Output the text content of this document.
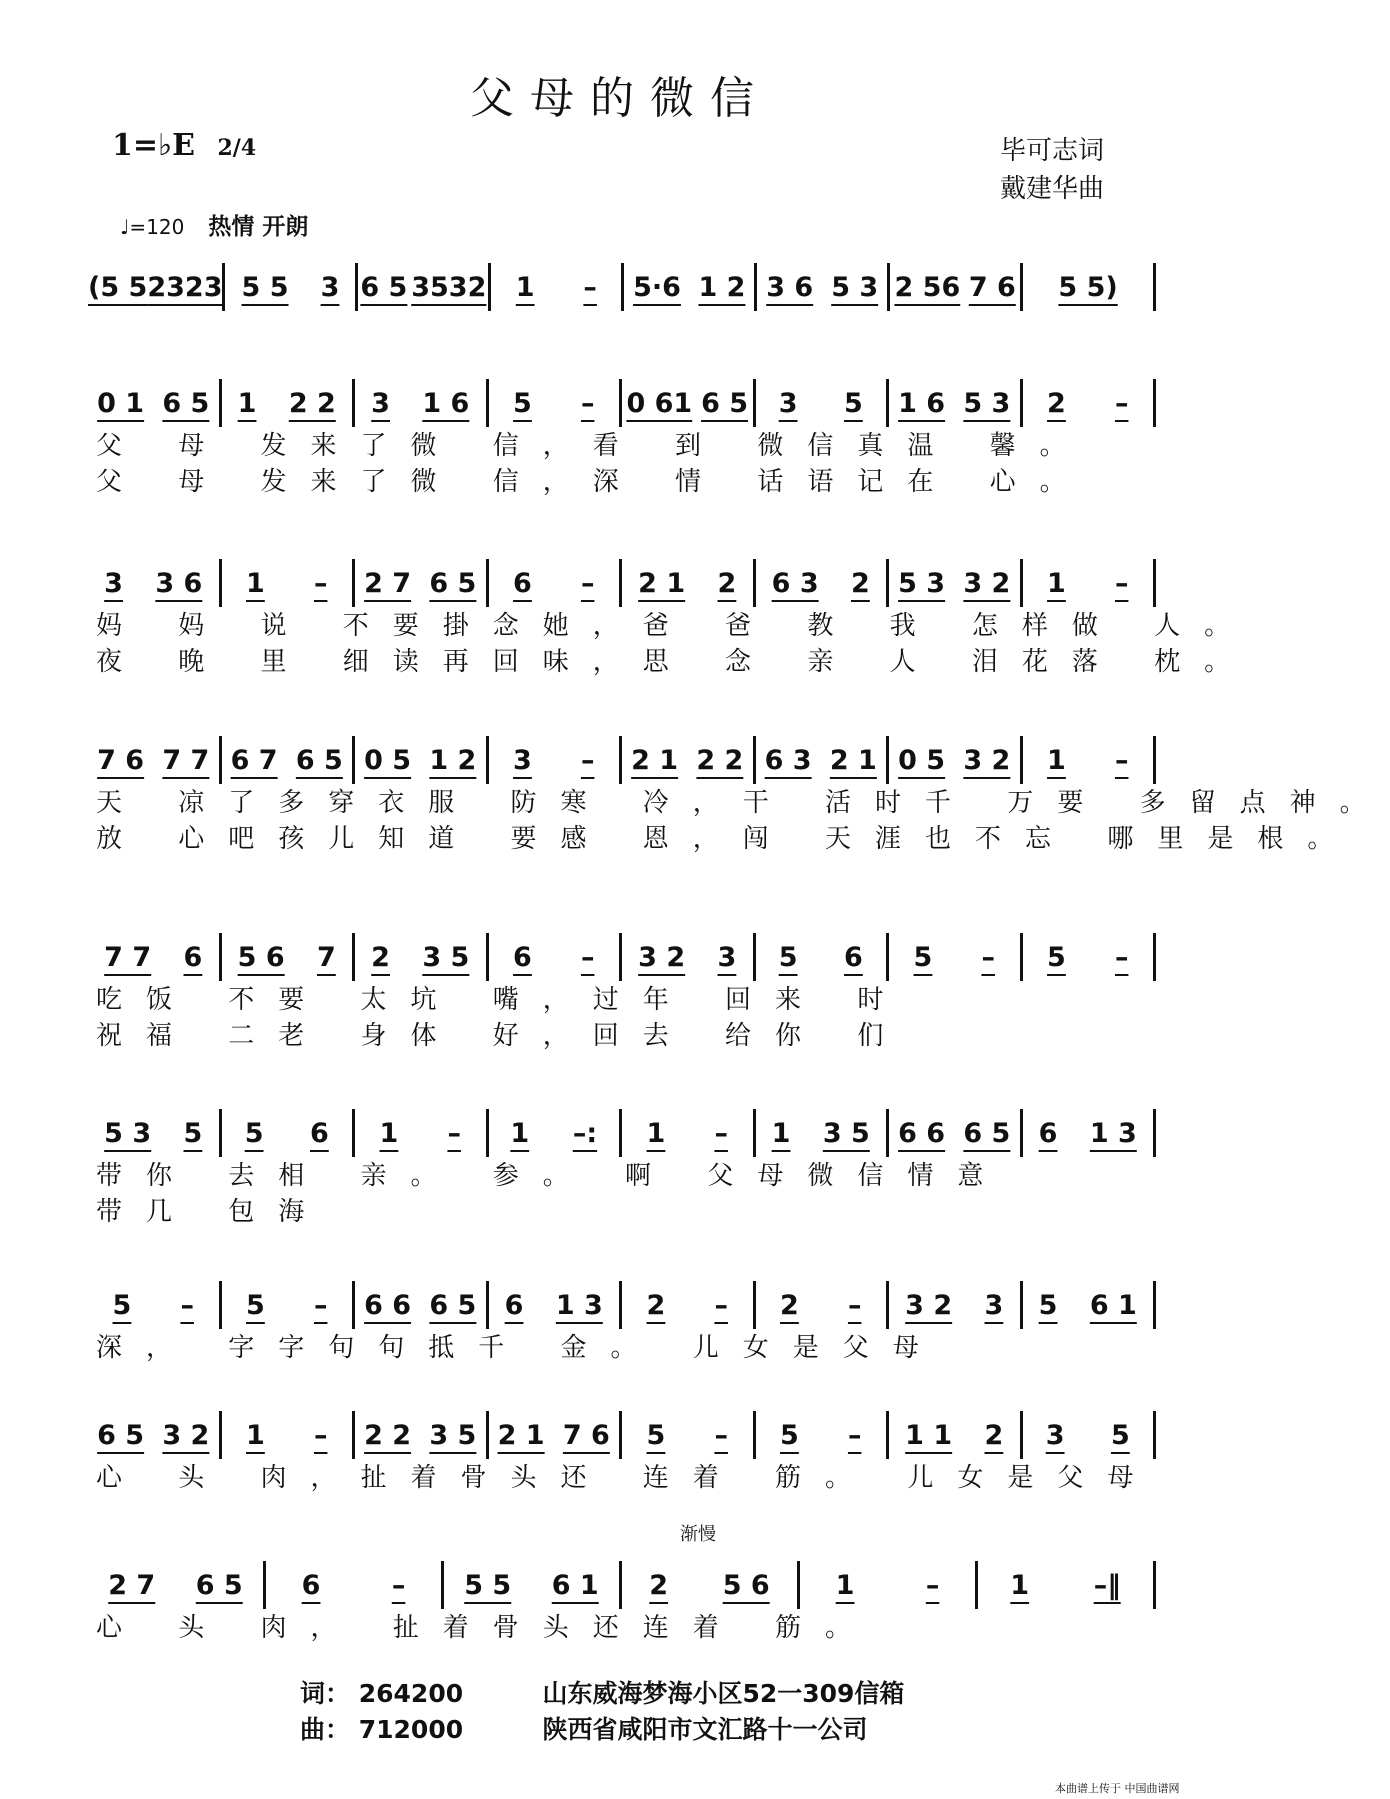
父母的微信
1=♭E 2/4	毕可志词
戴建华曲
♩=120 热情 开朗
渐慢
(5 5 2323 5 5 3 6 5 3532 1 – 5·6 1 2 3 6 5 3 2 56 7 6 5 5)
0 1 6 5 1 2 2 3 1 6 5 – 0 61 6 5 3 5 1 6 5 3 2 –
父 母 发来了微 信，看 到 微信真温 馨。
父 母 发来了微 信，深 情 话语记在 心。
3 3 6 1 – 2 7 6 5 6 – 2 1 2 6 3 2 5 3 3 2 1 –
妈 妈 说 不要掛念她，爸 爸 教 我 怎样做 人。
夜 晚 里 细读再回味，思 念 亲 人 泪花落 枕。
7 6 7 7 6 7 6 5 0 5 1 2 3 – 2 1 2 2 6 3 2 1 0 5 3 2 1 –
天 凉了多穿衣服 防寒 冷，干 活时千 万要 多留点神。
放 心吧孩儿知道 要感 恩，闯 天涯也不忘 哪里是根。
7 7 6 5 6 7 2 3 5 6 – 3 2 3 5 6 5 – 5 –
吃饭 不要 太坑 嘴，过年 回来 时
祝福 二老 身体 好，回去 给你 们
5 3 5 5 6 1 – 1 –: 1 – 1 3 5 6 6 6 5 6 1 3
带你 去相 亲。 参。 啊 父母微信情意
带几 包海
5 – 5 – 6 6 6 5 6 1 3 2 – 2 – 3 2 3 5 6 1
深， 字字句句抵千 金。 儿女是父母
6 5 3 2 1 – 2 2 3 5 2 1 7 6 5 – 5 – 1 1 2 3 5
心 头 肉，扯着骨头还 连着 筋。 儿女是父母
2 7 6 5 6	– 5 5 6 1 2 5 6 1	–	1 –‖
心 头 肉， 扯着骨头还连着 筋。
词： 264200	山东威海梦海小区52一309信箱
曲： 712000	陕西省咸阳市文汇路十一公司
本曲谱上传于 中国曲谱网
